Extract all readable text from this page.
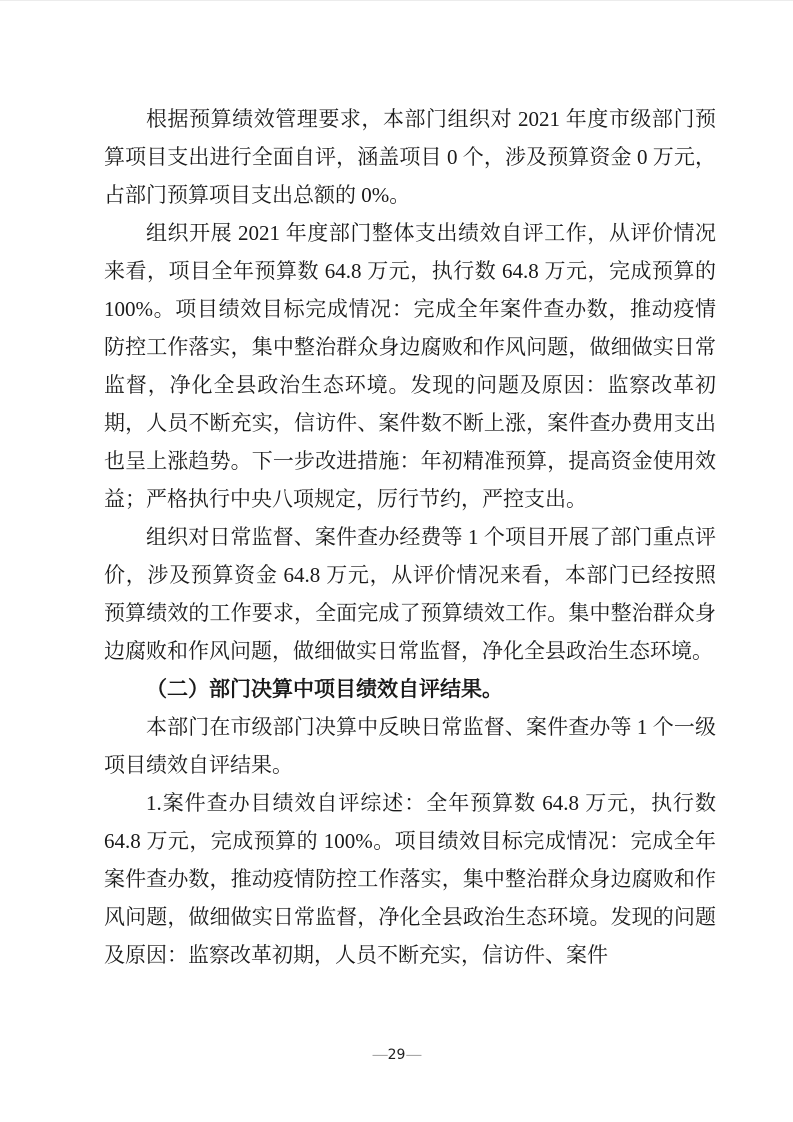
根据预算绩效管理要求，本部门组织对 2021 年度市级部门预算项目支出进行全面自评，涵盖项目 0 个，涉及预算资金 0 万元，占部门预算项目支出总额的 0%。

组织开展 2021 年度部门整体支出绩效自评工作，从评价情况来看，项目全年预算数 64.8 万元，执行数 64.8 万元，完成预算的 100%。项目绩效目标完成情况：完成全年案件查办数，推动疫情防控工作落实，集中整治群众身边腐败和作风问题，做细做实日常监督，净化全县政治生态环境。发现的问题及原因：监察改革初期，人员不断充实，信访件、案件数不断上涨，案件查办费用支出也呈上涨趋势。下一步改进措施：年初精准预算，提高资金使用效益；严格执行中央八项规定，厉行节约，严控支出。

组织对日常监督、案件查办经费等 1 个项目开展了部门重点评价，涉及预算资金 64.8 万元，从评价情况来看，本部门已经按照预算绩效的工作要求，全面完成了预算绩效工作。集中整治群众身边腐败和作风问题，做细做实日常监督，净化全县政治生态环境。

（二）部门决算中项目绩效自评结果。

本部门在市级部门决算中反映日常监督、案件查办等 1 个一级项目绩效自评结果。

1.案件查办目绩效自评综述：全年预算数 64.8 万元，执行数 64.8 万元，完成预算的 100%。项目绩效目标完成情况：完成全年案件查办数，推动疫情防控工作落实，集中整治群众身边腐败和作风问题，做细做实日常监督，净化全县政治生态环境。发现的问题及原因：监察改革初期，人员不断充实，信访件、案件

—29—
